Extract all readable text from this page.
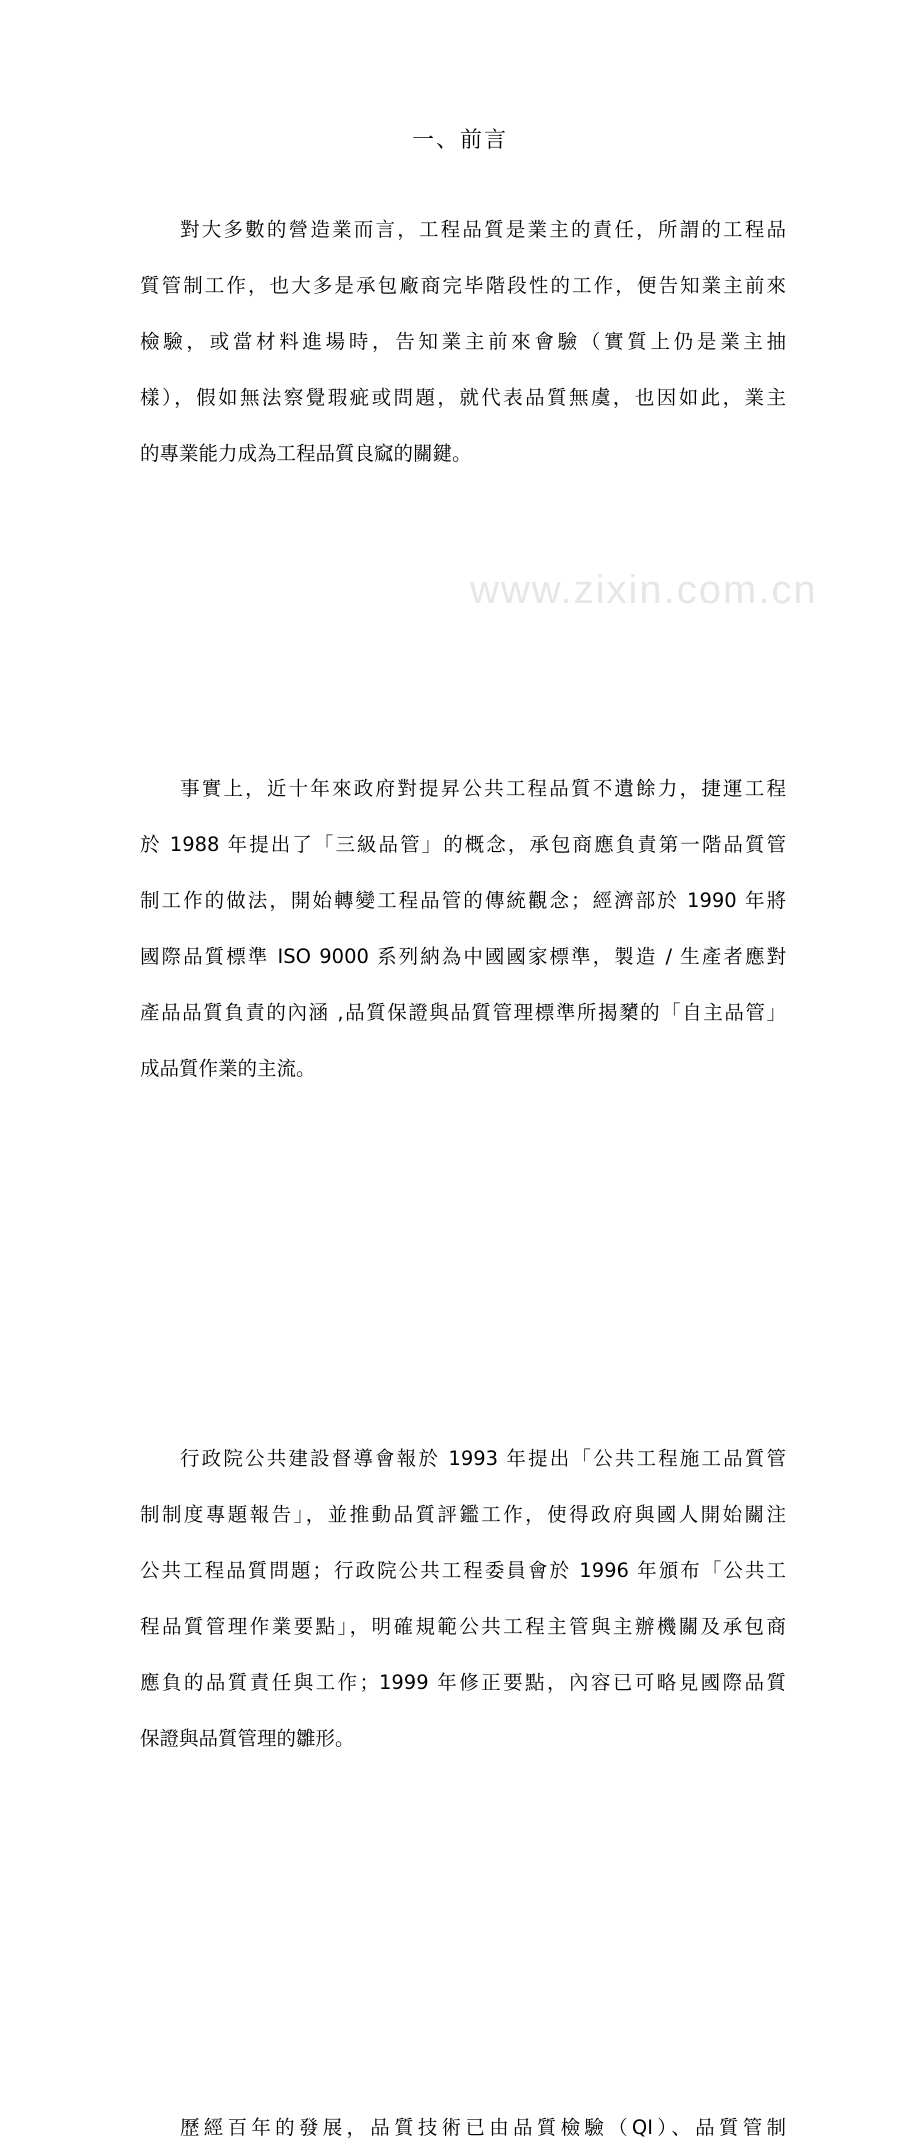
www.zixin.com.cn
一、前言
對大多數的營造業而言，工程品質是業主的責任，所謂的工程品
質管制工作，也大多是承包廠商完毕階段性的工作，便告知業主前來
檢驗，或當材料進場時，告知業主前來會驗（實質上仍是業主抽
樣），假如無法察覺瑕疵或問題，就代表品質無虞，也因如此，業主
的專業能力成為工程品質良窳的關鍵。
事實上，近十年來政府對提昇公共工程品質不遺餘力，捷運工程
於 1988 年提出了「三級品管」的概念，承包商應負責第一階品質管
制工作的做法，開始轉變工程品管的傳統觀念；經濟部於 1990 年將
國際品質標準 ISO 9000 系列納為中國國家標準，製造 / 生產者應對
產品品質負責的內涵 ,品質保證與品質管理標準所揭櫫的「自主品管」
成品質作業的主流。
行政院公共建設督導會報於 1993 年提出「公共工程施工品質管
制制度專題報告」，並推動品質評鑑工作，使得政府與國人開始關注
公共工程品質問題；行政院公共工程委員會於 1996 年頒布「公共工
程品質管理作業要點」，明確規範公共工程主管與主辦機關及承包商
應負的品質責任與工作；1999 年修正要點，內容已可略見國際品質
保證與品質管理的雛形。
歷經百年的發展，品質技術已由品質檢驗（QI）、品質管制
